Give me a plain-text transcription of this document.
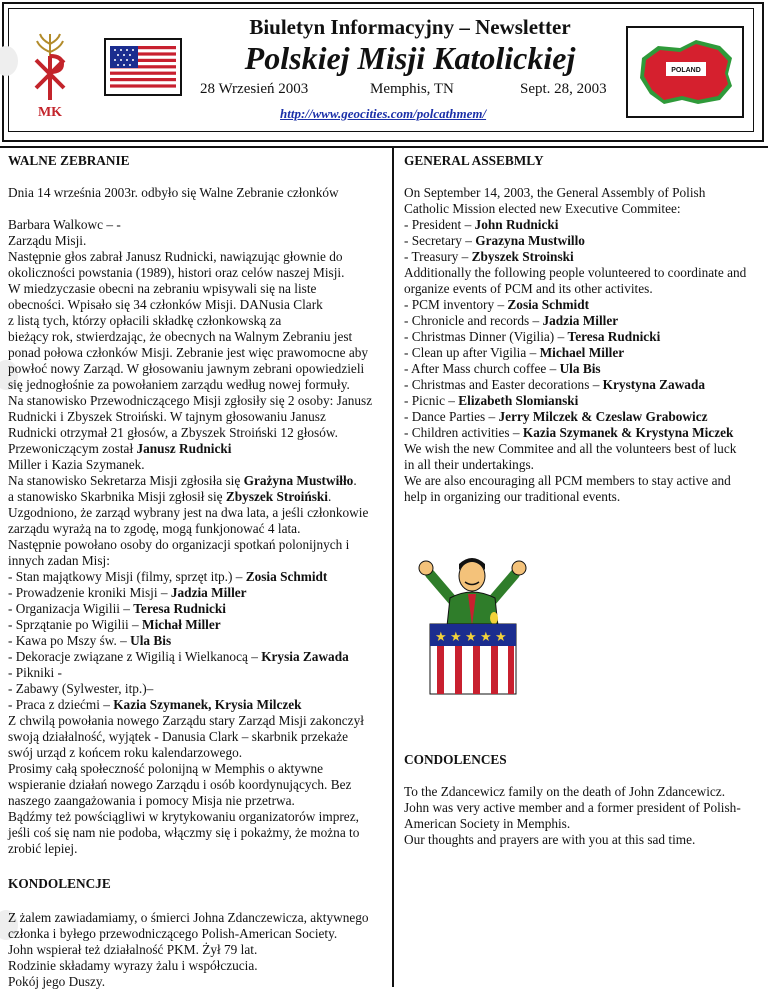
MK
Biuletyn Informacyjny – Newsletter
Polskiej Misji Katolickiej
28 Wrzesień 2003	Memphis, TN	Sept. 28, 2003
http://www.geocities.com/polcathmem/
POLAND
WALNE ZEBRANIE
Dnia 14 września 2003r. odbyło się Walne Zebranie członków
Barbara Walkowc – -
Zarządu Misji.
Następnie głos zabrał Janusz Rudnicki, nawiązując głownie do
okoliczności powstania (1989), histori oraz celów naszej Misji.
W miedzyczasie obecni na zebraniu wpisywali się na liste
obecności. Wpisało się 34 członków Misji. DANusia Clark
z listą tych, którzy opłacili składkę członkowską za
bieżący rok, stwierdzając, że obecnych na Walnym Zebraniu jest
ponad połowa członków Misji. Zebranie jest więc prawomocne aby
powłoć nowy Zarząd. W głosowaniu jawnym zebrani opowiedzieli
się jednogłośnie za powołaniem zarządu według nowej formuły.
Na stanowisko Przewodniczącego Misji zgłosiły się 2 osoby: Janusz
Rudnicki i Zbyszek Stroiński. W tajnym głosowaniu Janusz
Rudnicki otrzymał 21 głosów, a Zbyszek Stroiński 12 głosów.
Przewoniczącym został Janusz Rudnicki
Miller i Kazia Szymanek.
Na stanowisko Sekretarza Misji zgłosiła się Grażyna Mustwiłło.
a stanowisko Skarbnika Misji zgłosił się Zbyszek Stroiński.
Uzgodniono, że zarząd wybrany jest na dwa lata, a jeśli członkowie
zarządu wyrażą na to zgodę, mogą funkjonować 4 lata.
Następnie powołano osoby do organizacji spotkań polonijnych i
innych zadan Misj:
- Stan majątkowy Misji (filmy, sprzęt itp.) – Zosia Schmidt
- Prowadzenie kroniki Misji – Jadzia Miller
- Organizacja Wigilii – Teresa Rudnicki
- Sprzątanie po Wigilii – Michał Miller
- Kawa po Mszy św. – Ula Bis
- Dekoracje związane z Wigilią i Wielkanocą – Krysia Zawada
- Pikniki -
- Zabawy (Sylwester, itp.)–
- Praca z dziećmi – Kazia Szymanek, Krysia Milczek
Z chwilą powołania nowego Zarządu stary Zarząd Misji zakonczył
swoją działalność, wyjątek - Danusia Clark – skarbnik przekaże
swój urząd z końcem roku kalendarzowego.
Prosimy całą społeczność polonijną w Memphis o aktywne
wspieranie działań nowego Zarządu i osób koordynujących. Bez
naszego zaangażowania i pomocy Misja nie przetrwa.
Bądźmy też powściągliwi w krytykowaniu organizatorów imprez,
jeśli coś się nam nie podoba, włączmy się i pokażmy, że można to
zrobić lepiej.
KONDOLENCJE
Z żalem zawiadamiamy, o śmierci Johna Zdanczewicza, aktywnego
członka i byłego przewodniczącego Polish-American Society.
John wspierał też działalność PKM. Żył 79 lat.
Rodzinie składamy wyrazy żalu i współczucia.
Pokój jego Duszy.
GENERAL ASSEBMLY
On September 14, 2003, the General Assembly of Polish
Catholic Mission elected new Executive Commitee:
- President – John Rudnicki
- Secretary – Grazyna Mustwillo
- Treasury – Zbyszek Stroinski
Additionally the following people volunteered to coordinate and
organize events of PCM and its other activites.
- PCM inventory – Zosia Schmidt
- Chronicle and records – Jadzia Miller
- Christmas Dinner (Vigilia) – Teresa Rudnicki
- Clean up after Vigilia – Michael Miller
- After Mass church coffee – Ula Bis
- Christmas and Easter decorations – Krystyna Zawada
- Picnic – Elizabeth Slomianski
- Dance Parties – Jerry Milczek & Czeslaw Grabowicz
- Children activities – Kazia Szymanek & Krystyna Miczek
We wish the new Commitee and all the volunteers best of luck
in all their undertakings.
We are also encouraging all PCM members to stay active and
help in organizing our traditional events.
★ ★ ★ ★ ★
CONDOLENCES
To the Zdancewicz family on the death of John Zdancewicz.
John was very active member and a former president of Polish-
American Society in Memphis.
Our thoughts and prayers are with you at this sad time.
